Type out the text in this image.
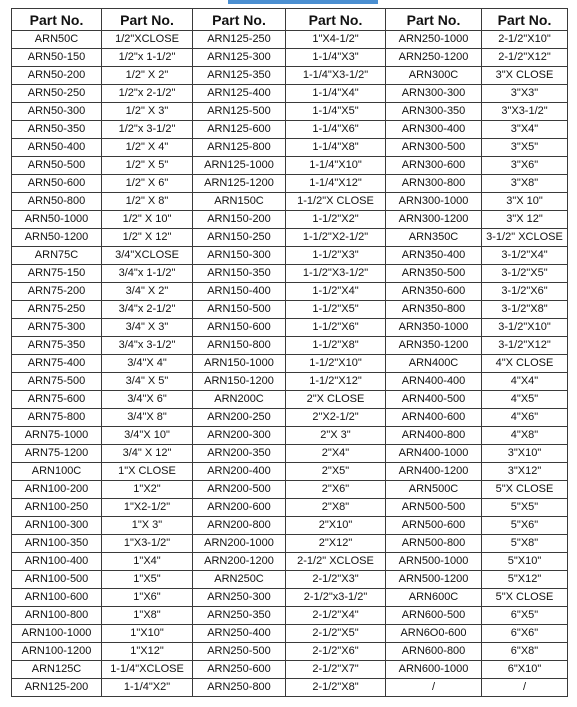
Part No.	Part No.	Part No.	Part No.	Part No.	Part No.
ARN50C	1/2"XCLOSE	ARN125-250	1"X4-1/2"	ARN250-1000	2-1/2"X10"
ARN50-150	1/2"x 1-1/2"	ARN125-300	1-1/4"X3"	ARN250-1200	2-1/2"X12"
ARN50-200	1/2" X 2"	ARN125-350	1-1/4"X3-1/2"	ARN300C	3"X CLOSE
ARN50-250	1/2"x 2-1/2"	ARN125-400	1-1/4"X4"	ARN300-300	3"X3"
ARN50-300	1/2" X 3"	ARN125-500	1-1/4"X5"	ARN300-350	3"X3-1/2"
ARN50-350	1/2"x 3-1/2"	ARN125-600	1-1/4"X6"	ARN300-400	3"X4"
ARN50-400	1/2" X 4"	ARN125-800	1-1/4"X8"	ARN300-500	3"X5"
ARN50-500	1/2" X 5"	ARN125-1000	1-1/4"X10"	ARN300-600	3"X6"
ARN50-600	1/2" X 6"	ARN125-1200	1-1/4"X12"	ARN300-800	3"X8"
ARN50-800	1/2" X 8"	ARN150C	1-1/2"X CLOSE	ARN300-1000	3"X 10"
ARN50-1000	1/2" X 10"	ARN150-200	1-1/2"X2"	ARN300-1200	3"X 12"
ARN50-1200	1/2" X 12"	ARN150-250	1-1/2"X2-1/2"	ARN350C	3-1/2" XCLOSE
ARN75C	3/4"XCLOSE	ARN150-300	1-1/2"X3"	ARN350-400	3-1/2"X4"
ARN75-150	3/4"x 1-1/2"	ARN150-350	1-1/2"X3-1/2"	ARN350-500	3-1/2"X5"
ARN75-200	3/4" X 2"	ARN150-400	1-1/2"X4"	ARN350-600	3-1/2"X6"
ARN75-250	3/4"x 2-1/2"	ARN150-500	1-1/2"X5"	ARN350-800	3-1/2"X8"
ARN75-300	3/4" X 3"	ARN150-600	1-1/2"X6"	ARN350-1000	3-1/2"X10"
ARN75-350	3/4"x 3-1/2"	ARN150-800	1-1/2"X8"	ARN350-1200	3-1/2"X12"
ARN75-400	3/4"X 4"	ARN150-1000	1-1/2"X10"	ARN400C	4"X CLOSE
ARN75-500	3/4" X 5"	ARN150-1200	1-1/2"X12"	ARN400-400	4"X4"
ARN75-600	3/4"X 6"	ARN200C	2"X CLOSE	ARN400-500	4"X5"
ARN75-800	3/4"X 8"	ARN200-250	2"X2-1/2"	ARN400-600	4"X6"
ARN75-1000	3/4"X 10"	ARN200-300	2"X 3"	ARN400-800	4"X8"
ARN75-1200	3/4" X 12"	ARN200-350	2"X4"	ARN400-1000	3"X10"
ARN100C	1"X CLOSE	ARN200-400	2"X5"	ARN400-1200	3"X12"
ARN100-200	1"X2"	ARN200-500	2"X6"	ARN500C	5"X CLOSE
ARN100-250	1"X2-1/2"	ARN200-600	2"X8"	ARN500-500	5"X5"
ARN100-300	1"X 3"	ARN200-800	2"X10"	ARN500-600	5"X6"
ARN100-350	1"X3-1/2"	ARN200-1000	2"X12"	ARN500-800	5"X8"
ARN100-400	1"X4"	ARN200-1200	2-1/2" XCLOSE	ARN500-1000	5"X10"
ARN100-500	1"X5"	ARN250C	2-1/2"X3"	ARN500-1200	5"X12"
ARN100-600	1"X6"	ARN250-300	2-1/2"x3-1/2"	ARN600C	5"X CLOSE
ARN100-800	1"X8"	ARN250-350	2-1/2"X4"	ARN600-500	6"X5"
ARN100-1000	1"X10"	ARN250-400	2-1/2"X5"	ARN6O0-600	6"X6"
ARN100-1200	1"X12"	ARN250-500	2-1/2"X6"	ARN600-800	6"X8"
ARN125C	1-1/4"XCLOSE	ARN250-600	2-1/2"X7"	ARN600-1000	6"X10"
ARN125-200	1-1/4"X2"	ARN250-800	2-1/2"X8"	/	/
